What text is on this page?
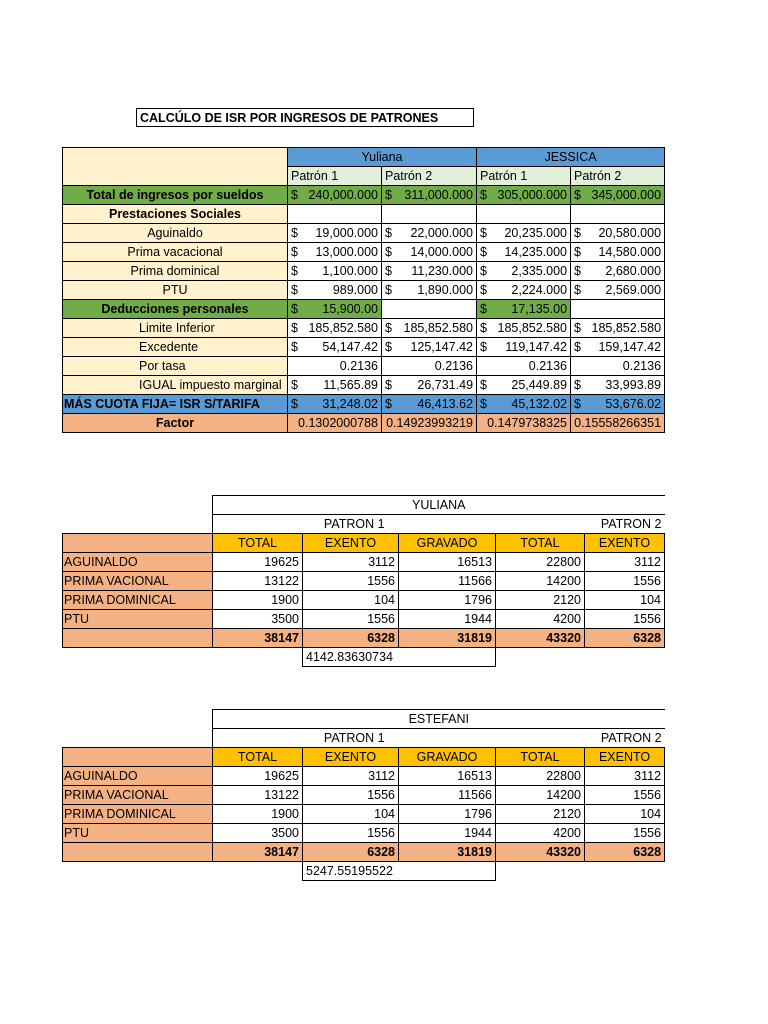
CALCÚLO DE ISR POR INGRESOS DE PATRONES
	Yuliana		JESSICA	
	Patrón 1	Patrón 2	Patrón 1	Patrón 2
Total de ingresos por sueldos	$ 240,000.000	$ 311,000.000	$ 305,000.000	$ 345,000.000

Prestaciones Sociales				
Aguinaldo	$ 19,000.000	$ 22,000.000	$ 20,235.000	$ 20,580.000

Prima vacacional	$ 13,000.000	$ 14,000.000	$ 14,235.000	$ 14,580.000

Prima dominical	$ 1,100.000	$ 11,230.000	$ 2,335.000	$ 2,680.000

PTU	$ 989.000	$ 1,890.000	$ 2,224.000	$ 2,569.000

Deducciones personales	$ 15,900.00		$ 17,135.00	

Limite Inferior	$ 185,852.580	$ 185,852.580	$ 185,852.580	$ 185,852.580

Excedente	$ 54,147.42	$ 125,147.42	$ 119,147.42	$ 159,147.42

Por tasa	0.2136	0.2136	0.2136	0.2136
IGUAL impuesto marginal	$ 11,565.89	$ 26,731.49	$ 25,449.89	$ 33,993.89

MÁS CUOTA FIJA= ISR S/TARIFA	$ 31,248.02	$ 46,413.62	$ 45,132.02	$ 53,676.02

Factor	0.1302000788	0.14923993219	0.1479738325	0.15558266351
	YULIANA				
	PATRON 1			PATRON 2	
	TOTAL	EXENTO	GRAVADO	TOTAL	EXENTO
AGUINALDO	19625	3112	16513	22800	3112
PRIMA VACIONAL	13122	1556	11566	14200	1556
PRIMA DOMINICAL	1900	104	1796	2120	104
PTU	3500	1556	1944	4200	1556
	38147	6328	31819	43320	6328
		4142.83630734			
	ESTEFANI				
	PATRON 1			PATRON 2	
	TOTAL	EXENTO	GRAVADO	TOTAL	EXENTO
AGUINALDO	19625	3112	16513	22800	3112
PRIMA VACIONAL	13122	1556	11566	14200	1556
PRIMA DOMINICAL	1900	104	1796	2120	104
PTU	3500	1556	1944	4200	1556
	38147	6328	31819	43320	6328
		5247.55195522			
